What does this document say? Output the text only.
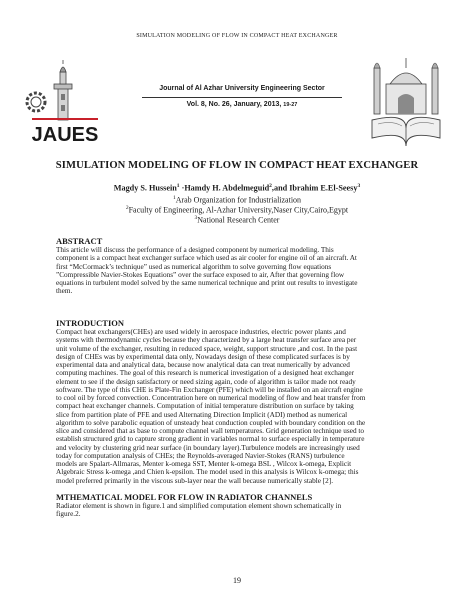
SIMULATION MODELING OF FLOW IN COMPACT HEAT EXCHANGER
JAUES
Journal of Al Azhar University Engineering Sector
Vol. 8, No. 26, January, 2013, 19-27
SIMULATION MODELING OF FLOW IN COMPACT HEAT EXCHANGER
Magdy S. Hussein$^1$ ·Hamdy H. Abdelmeguid$^2$,and Ibrahim E.El-Seesy$^3$
$^1$Arab Organization for Industrialization
$^2$Faculty of Engineering, Al-Azhar University,Naser City,Cairo,Egypt
$^3$National Research Center
ABSTRACT
This article will discuss the performance of a designed component by numerical modeling. This
component is a compact heat exchanger surface which used as air cooler for engine oil of an aircraft. At
first “McCormack’s technique” used as numerical algorithm to solve governing flow equations
”Compressible Navier-Stokes Equations” over the surface exposed to air, After that governing flow
equations in turbulent model solved by the same numerical technique and print out results to investigate
them.
INTRODUCTION
Compact heat exchangers(CHEs) are used widely in aerospace industries, electric power plants ,and
systems with thermodynamic cycles because they characterized by a large heat transfer surface area per
unit volume of the exchanger, resulting in reduced space, weight, support structure ,and cost. In the past
design of CHEs was by experimental data only, Nowadays design of these complicated surfaces is by
experimental data and analytical data, because now analytical data can treat numerically by advanced
computing machines. The goal of this research is numerical investigation of a designed heat exchanger
element to see if the design satisfactory or need sizing again, code of algorithm is tailor made not ready
software. The type of this CHE is Plate-Fin Exchanger (PFE) which will be installed on an aircraft engine
to cool oil by forced convection. Concentration here on numerical modeling of flow and heat transfer from
compact heat exchanger channels. Computation of initial temperature distribution on surface by taking
slice from partition plate of PFE and used Alternating Direction Implicit (ADI) method as numerical
algorithm to solve parabolic equation of unsteady heat conduction coupled with boundary condition on the
slice and considered that as base to compute channel wall temperatures. Grid generation technique used to
establish structured grid to capture strong gradient in variables normal to surface especially in temperature
and velocity by clustering grid near surface (in boundary layer).Turbulence models are increasingly used
today for computation analysis of CHEs; the Reynolds-averaged Navier-Stokes (RANS) turbulence
models are Spalart-Allmaras, Menter k-omega SST, Menter k-omega BSL , Wilcox k-omega, Explicit
Algebraic Stress k-omega ,and Chien k-epsilon. The model used in this analysis is Wilcox k-omega; this
model preferred primarily in the viscous sub-layer near the wall because numerically stable [2].
MTHEMATICAL MODEL FOR FLOW IN RADIATOR CHANNELS
Radiator element is shown in figure.1 and simplified computation element shown schematically in
figure.2.
19
